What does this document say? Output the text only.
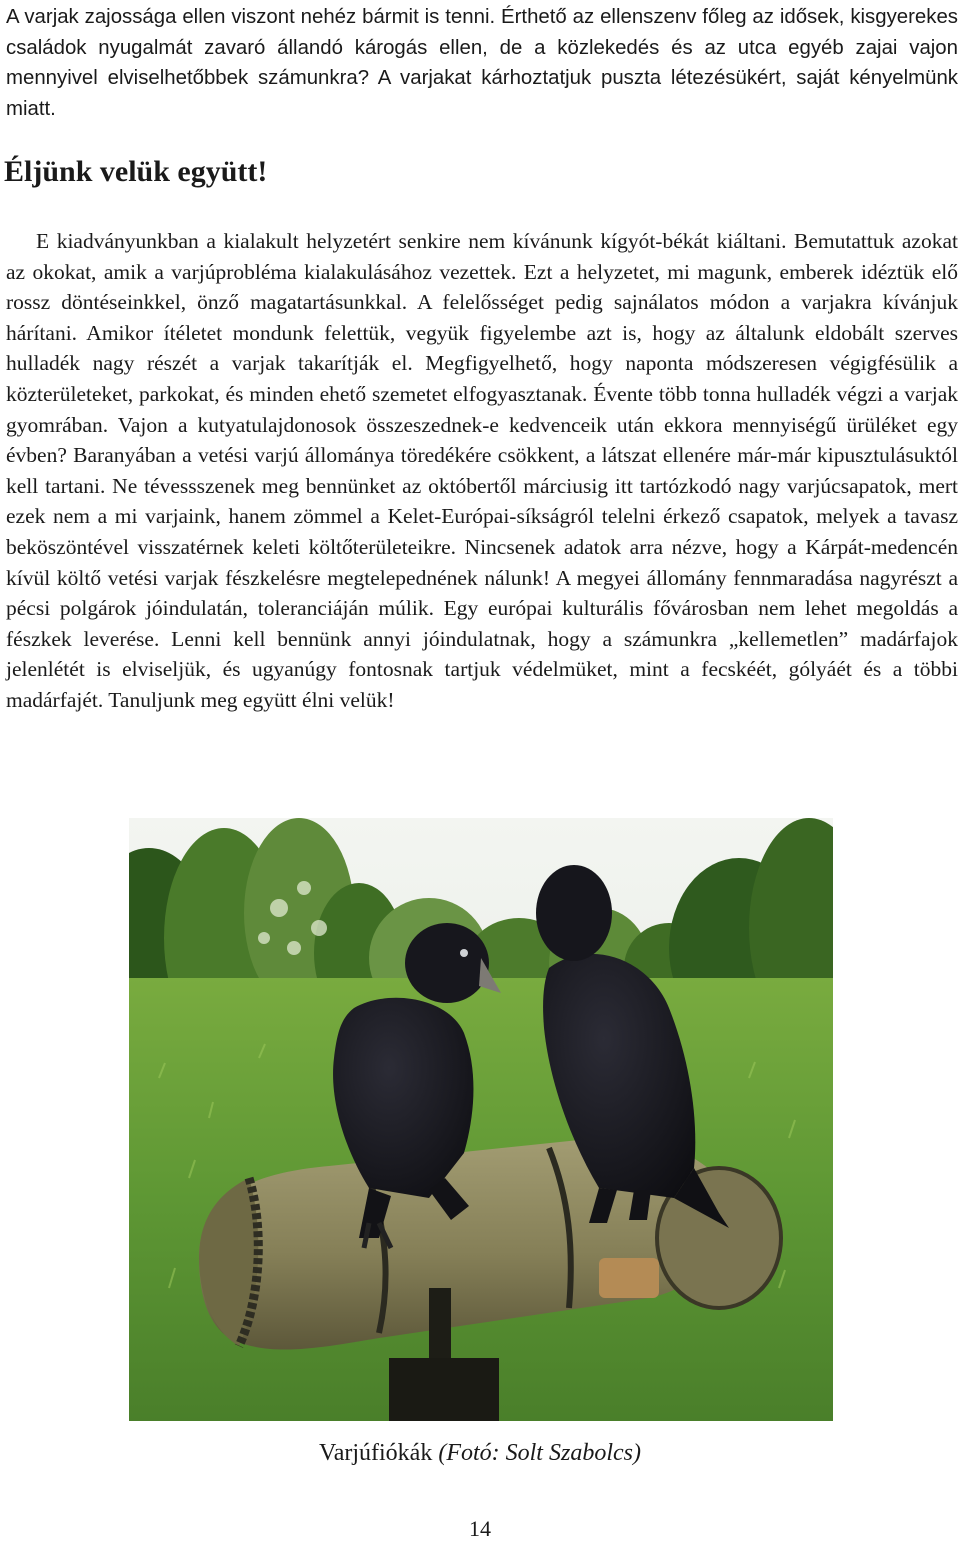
A varjak zajossága ellen viszont nehéz bármit is tenni. Érthető az ellenszenv főleg az idősek, kisgyerekes családok nyugalmát zavaró állandó károgás ellen, de a közlekedés és az utca egyéb zajai vajon mennyivel elviselhetőbbek számunkra? A varjakat kárhoztatjuk puszta létezésükért, saját kényelmünk miatt.

Éljünk velük együtt!

E kiadványunkban a kialakult helyzetért senkire nem kívánunk kígyót-békát kiáltani. Bemutattuk azokat az okokat, amik a varjúprobléma kialakulásához vezettek. Ezt a helyzetet, mi magunk, emberek idéztük elő rossz döntéseinkkel, önző magatartásunkkal. A felelősséget pedig sajnálatos módon a varjakra kívánjuk hárítani. Amikor ítéletet mondunk felettük, vegyük figyelembe azt is, hogy az általunk eldobált szerves hulladék nagy részét a varjak takarítják el. Megfigyelhető, hogy naponta módszeresen végigfésülik a közterületeket, parkokat, és minden ehető szemetet elfogyasztanak. Évente több tonna hulladék végzi a varjak gyomrában. Vajon a kutyatulajdonosok összeszednek-e kedvenceik után ekkora mennyiségű ürüléket egy évben? Baranyában a vetési varjú állománya töredékére csökkent, a látszat ellenére már-már kipusztulásuktól kell tartani. Ne tévessszenek meg bennünket az októbertől márciusig itt tartózkodó nagy varjúcsapatok, mert ezek nem a mi varjaink, hanem zömmel a Kelet-Európai-síkságról telelni érkező csapatok, melyek a tavasz beköszöntével visszatérnek keleti költőterületeikre. Nincsenek adatok arra nézve, hogy a Kárpát-medencén kívül költő vetési varjak fészkelésre megtelepednének nálunk! A megyei állomány fennmaradása nagyrészt a pécsi polgárok jóindulatán, toleranciáján múlik. Egy európai kulturális fővárosban nem lehet megoldás a fészkek leverése. Lenni kell bennünk annyi jóindulatnak, hogy a számunkra „kellemetlen” madárfajok jelenlétét is elviseljük, és ugyanúgy fontosnak tartjuk védelmüket, mint a fecskéét, gólyáét és a többi madárfajét. Tanuljunk meg együtt élni velük!

Varjúfiókák (Fotó: Solt Szabolcs)

14
